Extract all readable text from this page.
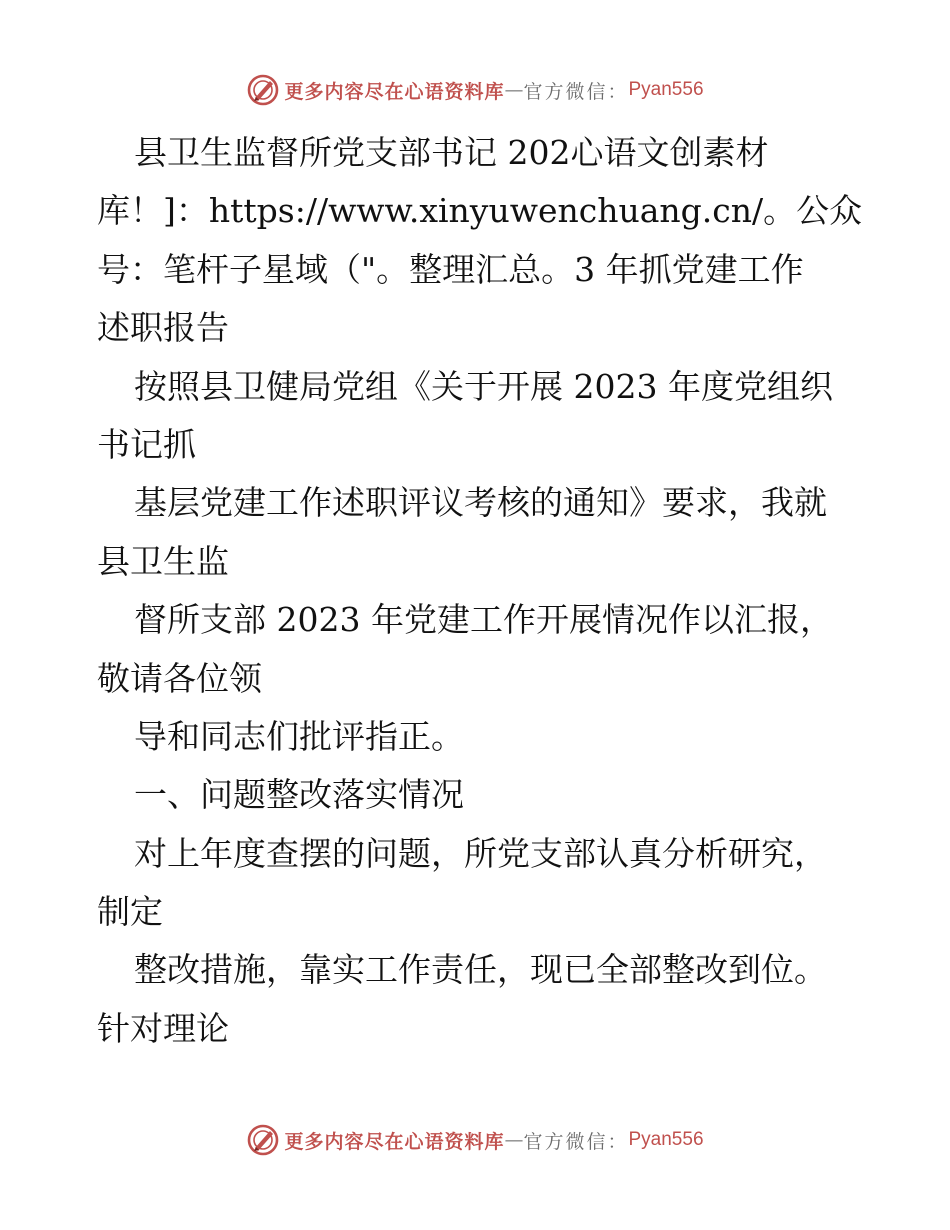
更多内容尽在心语资料库 — 官方微信： Pyan556
县卫生监督所党支部书记 202心语文创素材
库！]：https://www.xinyuwenchuang.cn/。公众
号：笔杆子星域（"。整理汇总。3 年抓党建工作
述职报告
按照县卫健局党组《关于开展 2023 年度党组织
书记抓
基层党建工作述职评议考核的通知》要求，我就
县卫生监
督所支部 2023 年党建工作开展情况作以汇报，
敬请各位领
导和同志们批评指正。
一、问题整改落实情况
对上年度查摆的问题，所党支部认真分析研究，
制定
整改措施，靠实工作责任，现已全部整改到位。
针对理论
更多内容尽在心语资料库 — 官方微信： Pyan556
